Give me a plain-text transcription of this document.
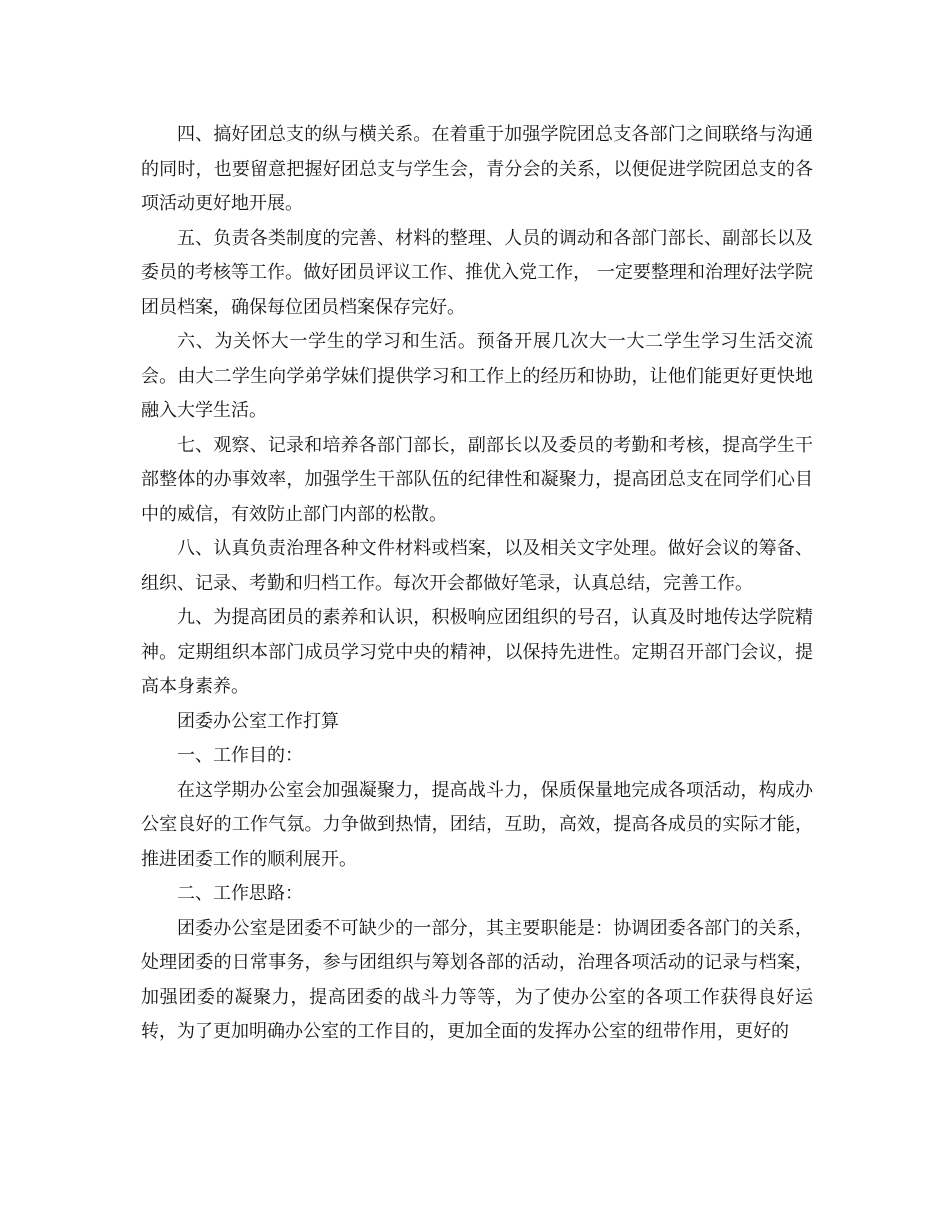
四、搞好团总支的纵与横关系。在着重于加强学院团总支各部门之间联络与沟通的同时，也要留意把握好团总支与学生会，青分会的关系，以便促进学院团总支的各项活动更好地开展。

五、负责各类制度的完善、材料的整理、人员的调动和各部门部长、副部长以及委员的考核等工作。做好团员评议工作、推优入党工作， 一定要整理和治理好法学院团员档案，确保每位团员档案保存完好。

六、为关怀大一学生的学习和生活。预备开展几次大一大二学生学习生活交流会。由大二学生向学弟学妹们提供学习和工作上的经历和协助，让他们能更好更快地融入大学生活。

七、观察、记录和培养各部门部长，副部长以及委员的考勤和考核，提高学生干部整体的办事效率，加强学生干部队伍的纪律性和凝聚力，提高团总支在同学们心目中的威信，有效防止部门内部的松散。

八、认真负责治理各种文件材料或档案，以及相关文字处理。做好会议的筹备、组织、记录、考勤和归档工作。每次开会都做好笔录，认真总结，完善工作。

九、为提高团员的素养和认识，积极响应团组织的号召，认真及时地传达学院精神。定期组织本部门成员学习党中央的精神，以保持先进性。定期召开部门会议，提高本身素养。

团委办公室工作打算

一、工作目的：

在这学期办公室会加强凝聚力，提高战斗力，保质保量地完成各项活动，构成办公室良好的工作气氛。力争做到热情，团结，互助，高效，提高各成员的实际才能，推进团委工作的顺利展开。

二、工作思路：

团委办公室是团委不可缺少的一部分，其主要职能是：协调团委各部门的关系，处理团委的日常事务，参与团组织与筹划各部的活动，治理各项活动的记录与档案，加强团委的凝聚力，提高团委的战斗力等等，为了使办公室的各项工作获得良好运转，为了更加明确办公室的工作目的，更加全面的发挥办公室的纽带作用，更好的
